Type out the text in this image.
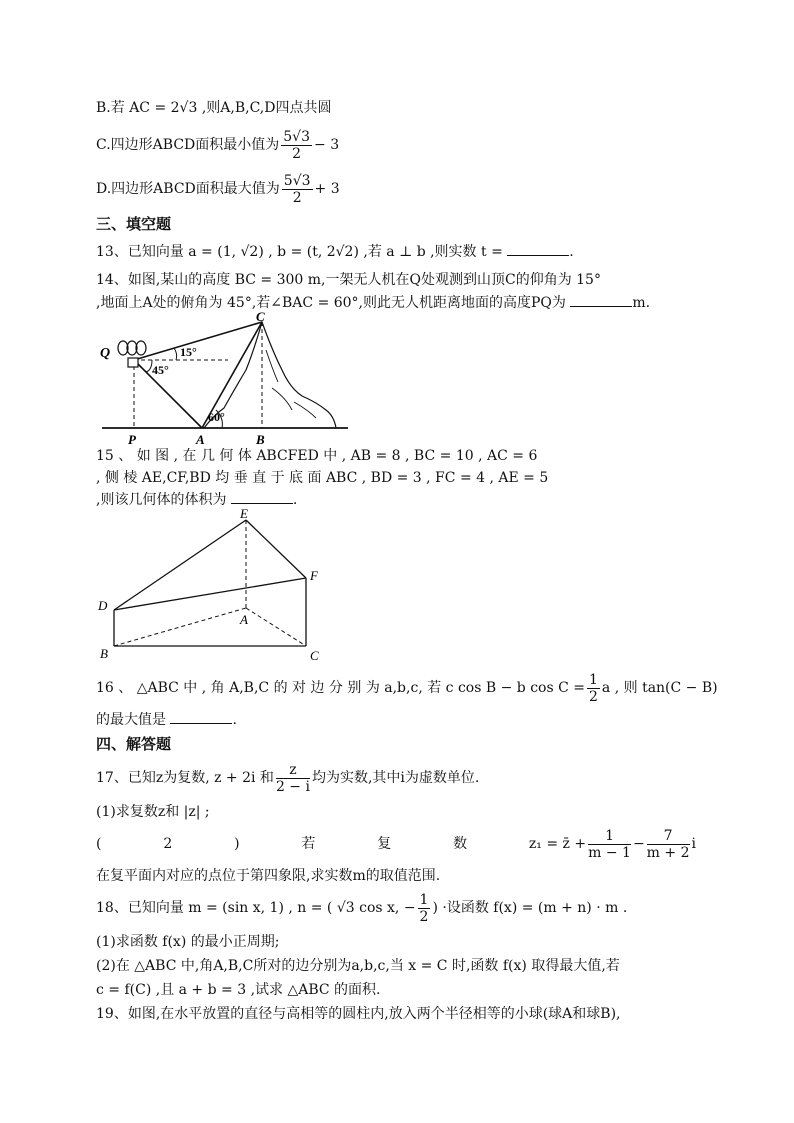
B.若 AC = 2√3 ,则A,B,C,D四点共圆
C.四边形ABCD面积最小值为 $\frac{5√3}{2} - 3$
D.四边形ABCD面积最大值为 $\frac{5√3}{2} + 3$
三、填空题
13、已知向量 a = (1, √2) , b = (t, 2√2) ,若 a ⊥ b ,则实数 t =	.
14、如图,某山的高度 BC = 300 m,一架无人机在Q处观测到山顶C的仰角为 15°
,地面上A处的俯角为 45°,若∠BAC = 60°,则此无人机距离地面的高度PQ为	m.
Q
C
15°
45°
60°
P	A	B
15 、 如 图 , 在 几 何 体 ABCFED 中 , AB = 8 , BC = 10 , AC = 6
, 侧 棱 AE,CF,BD 均 垂 直 于 底 面 ABC , BD = 3 , FC = 4 , AE = 5
,则该几何体的体积为	.
E
F
D
A
B	C
16 、 △ABC 中 , 角 A,B,C 的 对 边 分 别 为 a,b,c, 若 c cos B − b $\cos C = \frac{1}{2}$ a , 则 tan(C − B)
的最大值是	.
四、解答题
17、已知z为复数, z + 2i 和 $\frac{z}{2 - i}$ 均为实数,其中i为虚数单位.
(1)求复数z和 |z| ;
(	2	)	若	复	数	z₁ = z̄ + $\frac{1}{m - 1} - \frac{7}{m + 2}$ i
在复平面内对应的点位于第四象限,求实数m的取值范围.
18、已知向量 m = (sin x, 1) , n = ( √3 cos x, − $\frac{1}{2}$ ) ·设函数 f(x) = (m + n) · m .
(1)求函数 f(x) 的最小正周期;
(2)在 △ABC 中,角A,B,C所对的边分别为a,b,c,当 x = C 时,函数 f(x) 取得最大值,若
c = f(C) ,且 a + b = 3 ,试求 △ABC 的面积.
19、如图,在水平放置的直径与高相等的圆柱内,放入两个半径相等的小球(球A和球B),
